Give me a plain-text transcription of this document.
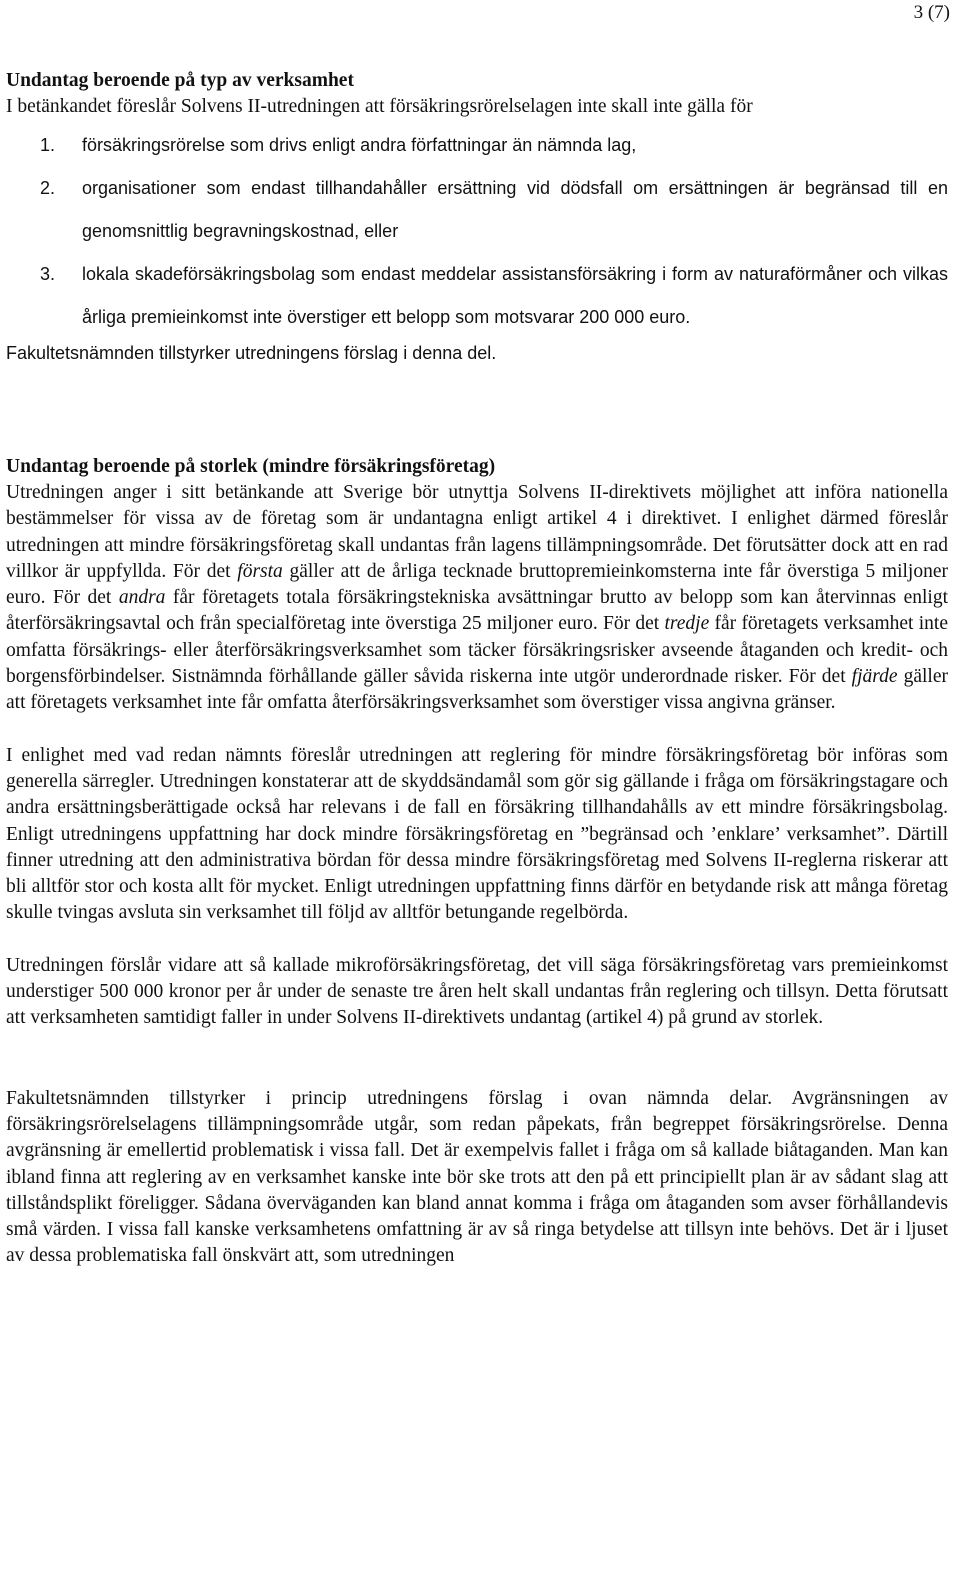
3 (7)

Undantag beroende på typ av verksamhet

I betänkandet föreslår Solvens II-utredningen att försäkringsrörelselagen inte skall inte gälla för

1. försäkringsrörelse som drivs enligt andra författningar än nämnda lag,
2. organisationer som endast tillhandahåller ersättning vid dödsfall om ersättningen är begränsad till en genomsnittlig begravningskostnad, eller
3. lokala skadeförsäkringsbolag som endast meddelar assistansförsäkring i form av naturaförmåner och vilkas årliga premieinkomst inte överstiger ett belopp som motsvarar 200 000 euro.

Fakultetsnämnden tillstyrker utredningens förslag i denna del.

Undantag beroende på storlek (mindre försäkringsföretag)

Utredningen anger i sitt betänkande att Sverige bör utnyttja Solvens II-direktivets möjlighet att införa nationella bestämmelser för vissa av de företag som är undantagna enligt artikel 4 i direktivet. I enlighet därmed föreslår utredningen att mindre försäkringsföretag skall undantas från lagens tillämpningsområde. Det förutsätter dock att en rad villkor är uppfyllda. För det första gäller att de årliga tecknade bruttopremieinkomsterna inte får överstiga 5 miljoner euro. För det andra får företagets totala försäkringstekniska avsättningar brutto av belopp som kan återvinnas enligt återförsäkringsavtal och från specialföretag inte överstiga 25 miljoner euro. För det tredje får företagets verksamhet inte omfatta försäkrings- eller återförsäkringsverksamhet som täcker försäkringsrisker avseende åtaganden och kredit- och borgensförbindelser. Sistnämnda förhållande gäller såvida riskerna inte utgör underordnade risker. För det fjärde gäller att företagets verksamhet inte får omfatta återförsäkringsverksamhet som överstiger vissa angivna gränser.

I enlighet med vad redan nämnts föreslår utredningen att reglering för mindre försäkringsföretag bör införas som generella särregler. Utredningen konstaterar att de skyddsändamål som gör sig gällande i fråga om försäkringstagare och andra ersättningsberättigade också har relevans i de fall en försäkring tillhandahålls av ett mindre försäkringsbolag. Enligt utredningens uppfattning har dock mindre försäkringsföretag en ”begränsad och ’enklare’ verksamhet”. Därtill finner utredning att den administrativa bördan för dessa mindre försäkringsföretag med Solvens II-reglerna riskerar att bli alltför stor och kosta allt för mycket. Enligt utredningen uppfattning finns därför en betydande risk att många företag skulle tvingas avsluta sin verksamhet till följd av alltför betungande regelbörda.

Utredningen förslår vidare att så kallade mikroförsäkringsföretag, det vill säga försäkringsföretag vars premieinkomst understiger 500 000 kronor per år under de senaste tre åren helt skall undantas från reglering och tillsyn. Detta förutsatt att verksamheten samtidigt faller in under Solvens II-direktivets undantag (artikel 4) på grund av storlek.

Fakultetsnämnden tillstyrker i princip utredningens förslag i ovan nämnda delar. Avgränsningen av försäkringsrörelselagens tillämpningsområde utgår, som redan påpekats, från begreppet försäkringsrörelse. Denna avgränsning är emellertid problematisk i vissa fall. Det är exempelvis fallet i fråga om så kallade biåtaganden. Man kan ibland finna att reglering av en verksamhet kanske inte bör ske trots att den på ett principiellt plan är av sådant slag att tillståndsplikt föreligger. Sådana överväganden kan bland annat komma i fråga om åtaganden som avser förhållandevis små värden. I vissa fall kanske verksamhetens omfattning är av så ringa betydelse att tillsyn inte behövs. Det är i ljuset av dessa problematiska fall önskvärt att, som utredningen
